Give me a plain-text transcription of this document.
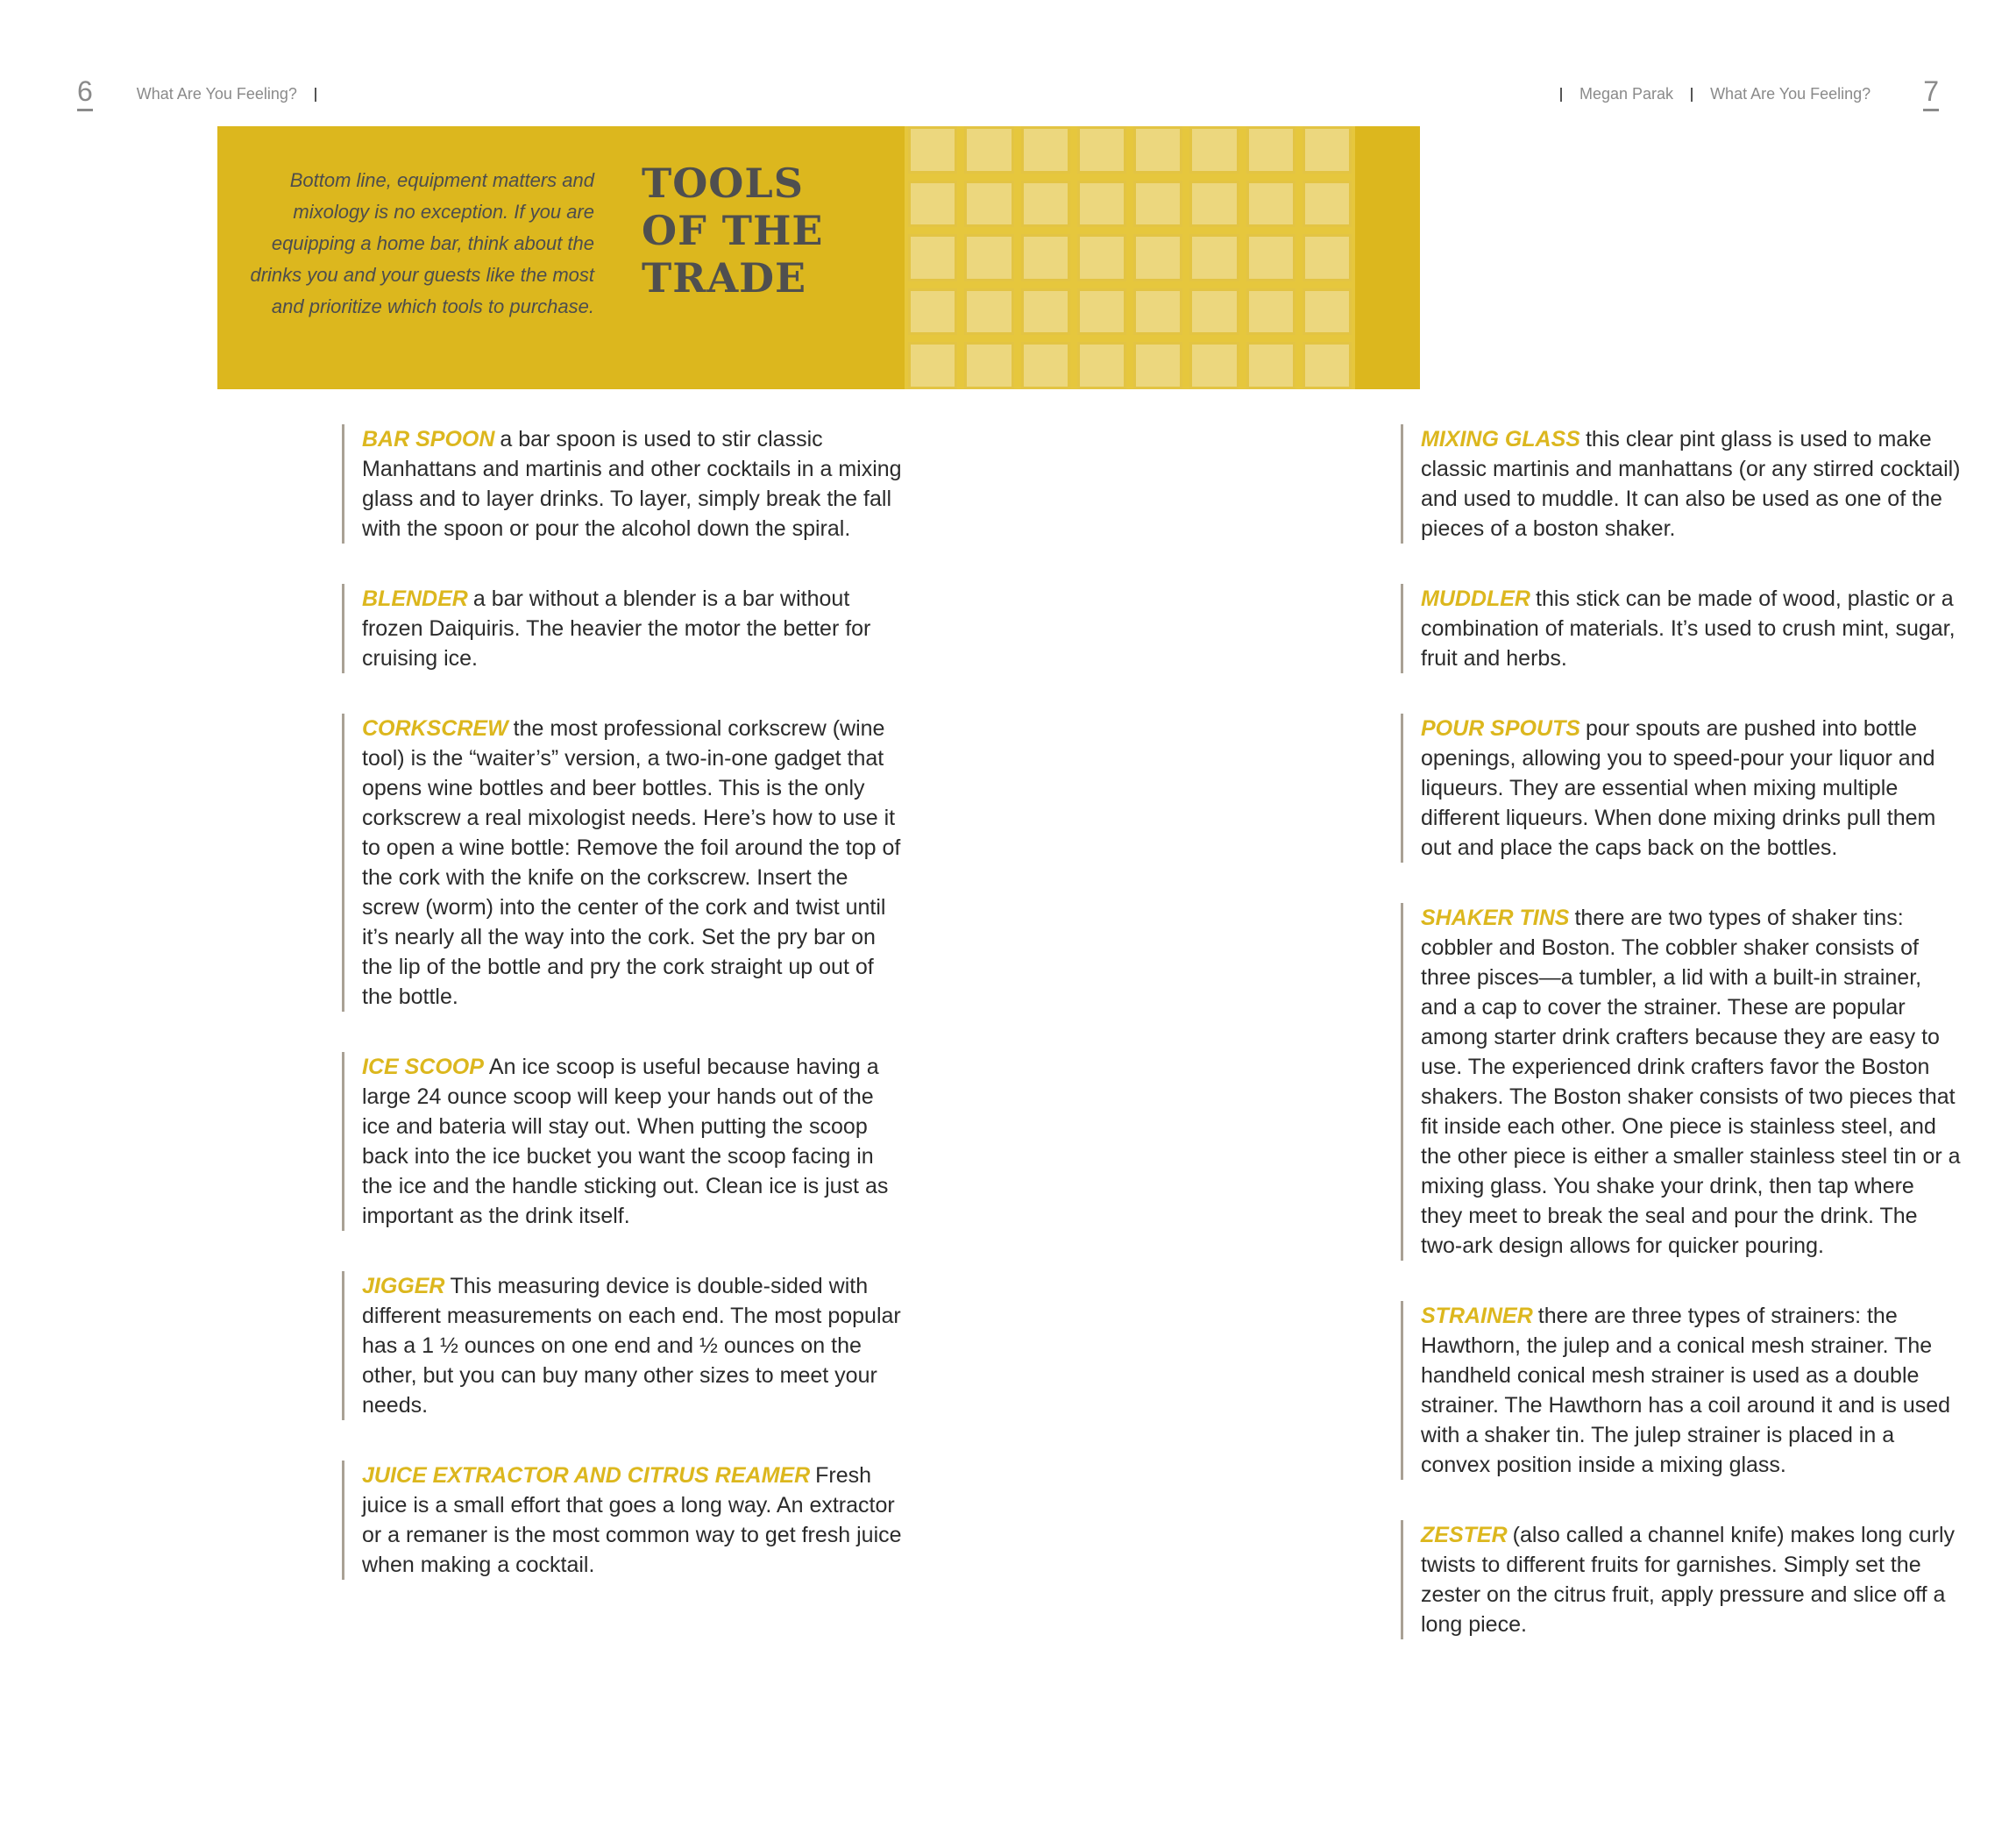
6	What Are You Feeling?	Megan Parak What Are You Feeling? 7
Bottom line, equipment matters and mixology is no exception. If you are equipping a home bar, think about the drinks you and your guests like the most and prioritize which tools to purchase.
TOOLS
OF THE
TRADE
BAR SPOON a bar spoon is used to stir classic Manhattans and martinis and other cocktails in a mixing glass and to layer drinks. To layer, simply break the fall with the spoon or pour the alcohol down the spiral.
BLENDER a bar without a blender is a bar without frozen Daiquiris. The heavier the motor the better for cruising ice.
CORKSCREW the most professional corkscrew (wine tool) is the “waiter’s” version, a two-in-one gadget that opens wine bottles and beer bottles. This is the only corkscrew a real mixologist needs. Here’s how to use it to open a wine bottle: Remove the foil around the top of the cork with the knife on the corkscrew. Insert the screw (worm) into the center of the cork and twist until it’s nearly all the way into the cork. Set the pry bar on the lip of the bottle and pry the cork straight up out of the bottle.
ICE SCOOP An ice scoop is useful because having a large 24 ounce scoop will keep your hands out of the ice and bateria will stay out. When putting the scoop back into the ice bucket you want the scoop facing in the ice and the handle sticking out. Clean ice is just as important as the drink itself.
JIGGER This measuring device is double-sided with different measurements on each end. The most popular has a 1 ½ ounces on one end and ½ ounces on the other, but you can buy many other sizes to meet your needs.
JUICE EXTRACTOR AND CITRUS REAMER Fresh juice is a small effort that goes a long way. An extractor or a remaner is the most common way to get fresh juice when making a cocktail.
MIXING GLASS this clear pint glass is used to make classic martinis and manhattans (or any stirred cocktail) and used to muddle. It can also be used as one of the pieces of a boston shaker.
MUDDLER this stick can be made of wood, plastic or a combination of materials. It’s used to crush mint, sugar, fruit and herbs.
POUR SPOUTS pour spouts are pushed into bottle openings, allowing you to speed-pour your liquor and liqueurs. They are essential when mixing multiple different liqueurs. When done mixing drinks pull them out and place the caps back on the bottles.
SHAKER TINS there are two types of shaker tins: cobbler and Boston. The cobbler shaker consists of three pisces—a tumbler, a lid with a built-in strainer, and a cap to cover the strainer. These are popular among starter drink crafters because they are easy to use. The experienced drink crafters favor the Boston shakers. The Boston shaker consists of two pieces that fit inside each other. One piece is stainless steel, and the other piece is either a smaller stainless steel tin or a mixing glass. You shake your drink, then tap where they meet to break the seal and pour the drink. The two-ark design allows for quicker pouring.
STRAINER there are three types of strainers: the Hawthorn, the julep and a conical mesh strainer. The handheld conical mesh strainer is used as a double strainer. The Hawthorn has a coil around it and is used with a shaker tin. The julep strainer is placed in a convex position inside a mixing glass.
ZESTER (also called a channel knife) makes long curly twists to different fruits for garnishes. Simply set the zester on the citrus fruit, apply pressure and slice off a long piece.
